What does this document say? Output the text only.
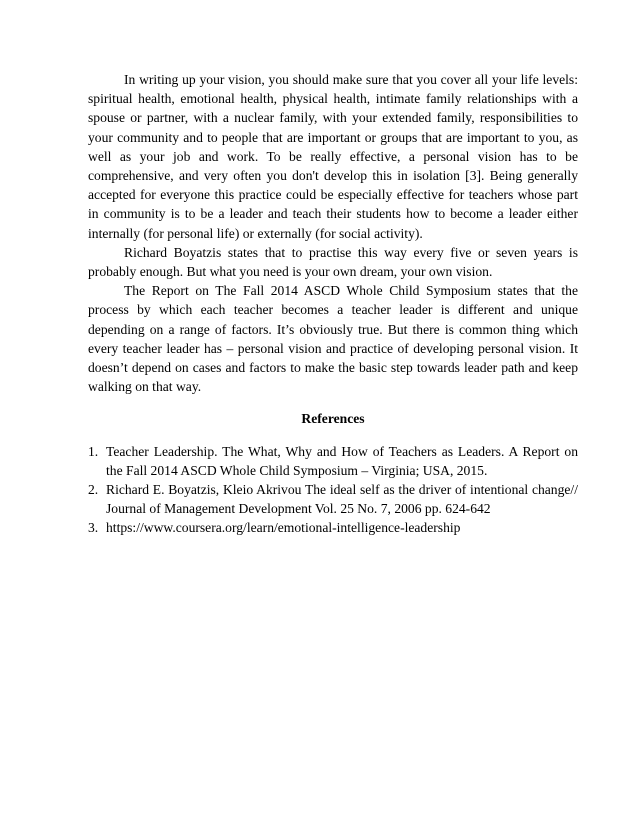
In writing up your vision, you should make sure that you cover all your life levels: spiritual health, emotional health, physical health, intimate family relationships with a spouse or partner, with a nuclear family, with your extended family, responsibilities to your community and to people that are important or groups that are important to you, as well as your job and work. To be really effective, a personal vision has to be comprehensive, and very often you don't develop this in isolation [3]. Being generally accepted for everyone this practice could be especially effective for teachers whose part in community is to be a leader and teach their students how to become a leader either internally (for personal life) or externally (for social activity).

Richard Boyatzis states that to practise this way every five or seven years is probably enough. But what you need is your own dream, your own vision.

The Report on The Fall 2014 ASCD Whole Child Symposium states that the process by which each teacher becomes a teacher leader is different and unique depending on a range of factors. It’s obviously true. But there is common thing which every teacher leader has – personal vision and practice of developing personal vision. It doesn’t depend on cases and factors to make the basic step towards leader path and keep walking on that way.

References
1. Teacher Leadership. The What, Why and How of Teachers as Leaders. A Report on the Fall 2014 ASCD Whole Child Symposium – Virginia; USA, 2015.
2. Richard E. Boyatzis, Kleio Akrivou The ideal self as the driver of intentional change// Journal of Management Development Vol. 25 No. 7, 2006 pp. 624-642
3. https://www.coursera.org/learn/emotional-intelligence-leadership
